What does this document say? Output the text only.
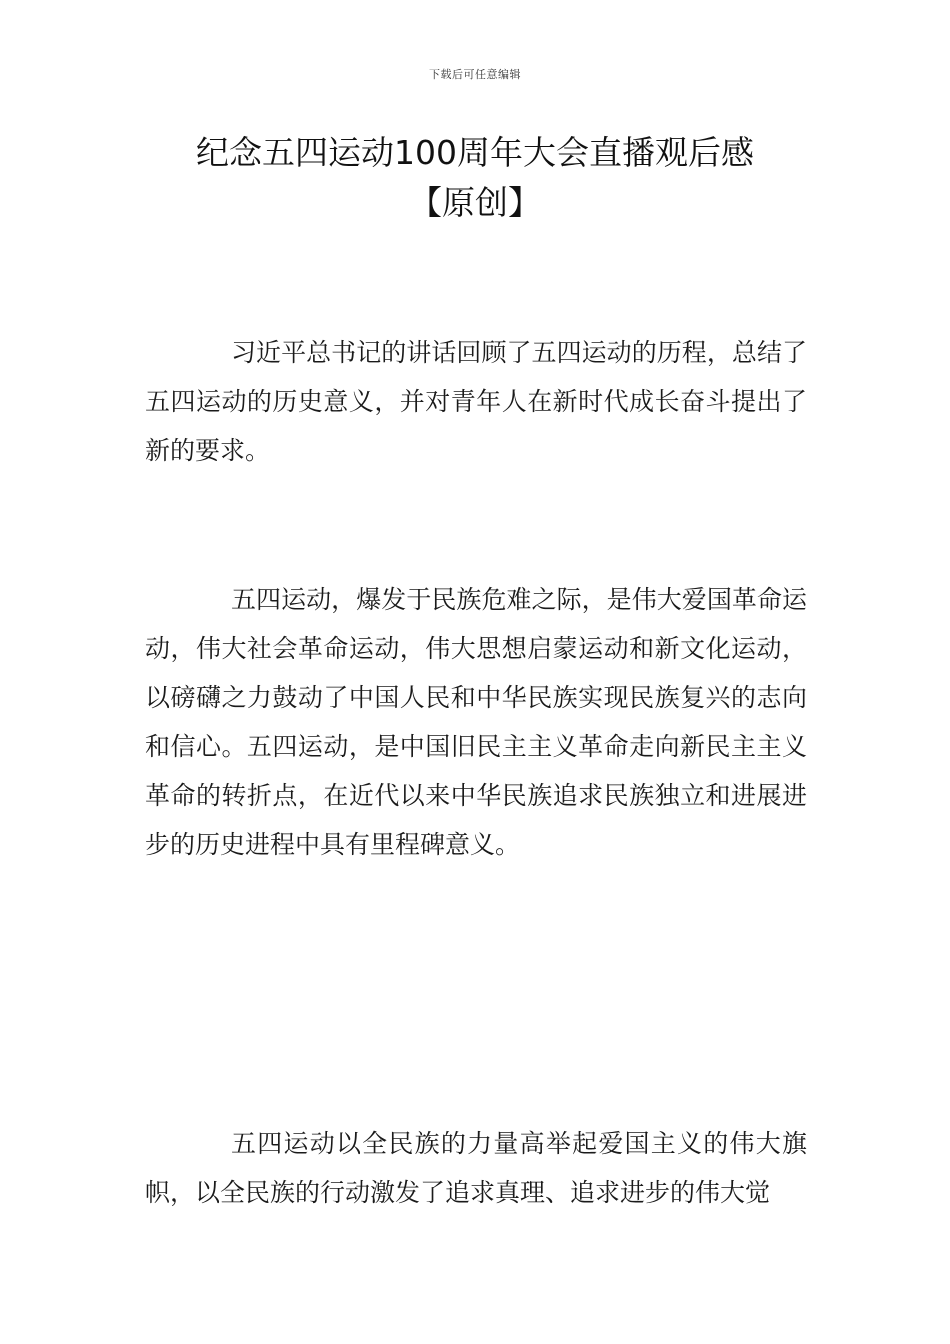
下载后可任意编辑
纪念五四运动100周年大会直播观后感
【原创】

习近平总书记的讲话回顾了五四运动的历程，总结了五四运动的历史意义，并对青年人在新时代成长奋斗提出了新的要求。

五四运动，爆发于民族危难之际，是伟大爱国革命运动，伟大社会革命运动，伟大思想启蒙运动和新文化运动，以磅礴之力鼓动了中国人民和中华民族实现民族复兴的志向和信心。五四运动，是中国旧民主主义革命走向新民主主义革命的转折点，在近代以来中华民族追求民族独立和进展进步的历史进程中具有里程碑意义。

五四运动以全民族的力量高举起爱国主义的伟大旗帜，以全民族的行动激发了追求真理、追求进步的伟大觉
